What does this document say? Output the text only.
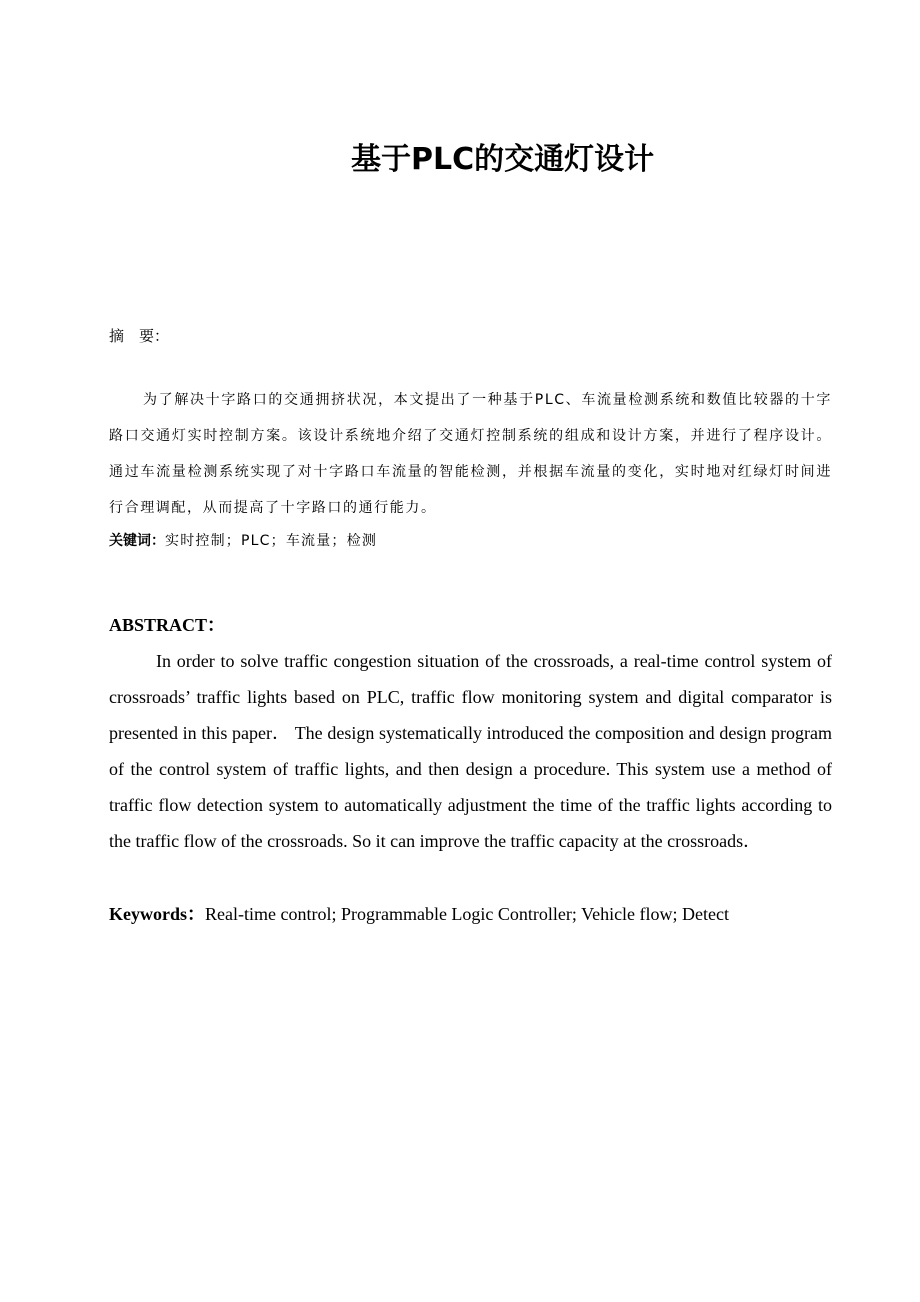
基于PLC的交通灯设计
摘　要：

为了解决十字路口的交通拥挤状况，本文提出了一种基于PLC、车流量检测系统和数值比较器的十字路口交通灯实时控制方案。该设计系统地介绍了交通灯控制系统的组成和设计方案，并进行了程序设计。通过车流量检测系统实现了对十字路口车流量的智能检测，并根据车流量的变化，实时地对红绿灯时间进行合理调配，从而提高了十字路口的通行能力。

关键词：实时控制；PLC；车流量；检测
ABSTRACT：

In order to solve traffic congestion situation of the crossroads, a real-time control system of crossroads’ traffic lights based on PLC, traffic flow monitoring system and digital comparator is presented in this paper． The design systematically introduced the composition and design program of the control system of traffic lights, and then design a procedure. This system use a method of traffic flow detection system to automatically adjustment the time of the traffic lights according to the traffic flow of the crossroads. So it can improve the traffic capacity at the crossroads．

Keywords：Real-time control; Programmable Logic Controller; Vehicle flow; Detect
